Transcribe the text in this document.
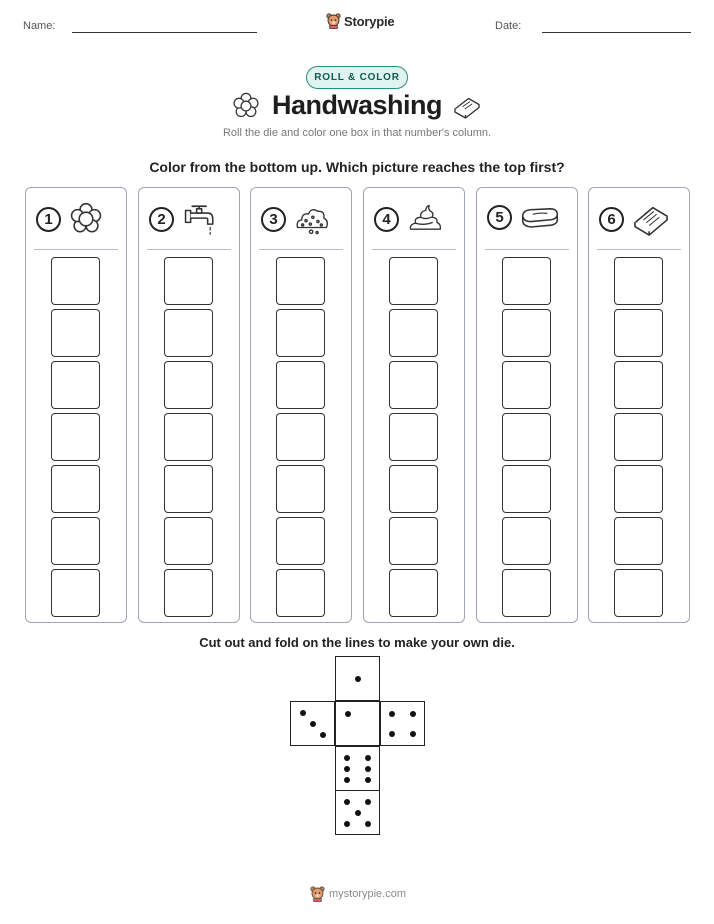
Name:	Storypie	Date:
ROLL & COLOR
Handwashing
Roll the die and color one box in that number's column.
Color from the bottom up. Which picture reaches the top first?
1	2	3	4	5	6
Cut out and fold on the lines to make your own die.
mystorypie.com
